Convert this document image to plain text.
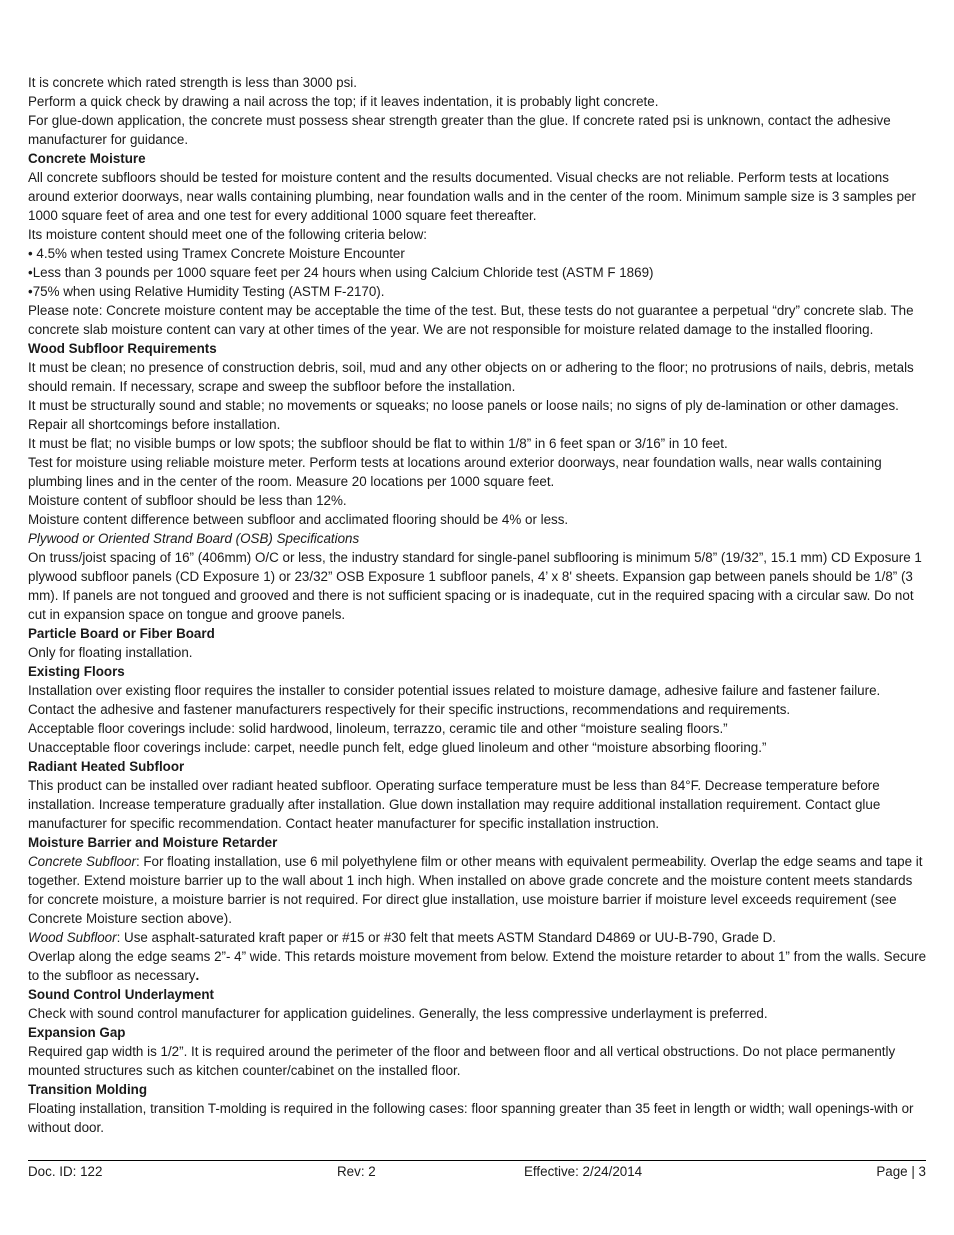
It is concrete which rated strength is less than 3000 psi.

Perform a quick check by drawing a nail across the top; if it leaves indentation, it is probably light concrete.

For glue-down application, the concrete must possess shear strength greater than the glue. If concrete rated psi is unknown, contact the adhesive manufacturer for guidance.

Concrete Moisture

All concrete subfloors should be tested for moisture content and the results documented. Visual checks are not reliable. Perform tests at locations around exterior doorways, near walls containing plumbing, near foundation walls and in the center of the room. Minimum sample size is 3 samples per 1000 square feet of area and one test for every additional 1000 square feet thereafter.

Its moisture content should meet one of the following criteria below:

• 4.5% when tested using Tramex Concrete Moisture Encounter

•Less than 3 pounds per 1000 square feet per 24 hours when using Calcium Chloride test (ASTM F 1869)

•75% when using Relative Humidity Testing (ASTM F-2170).

Please note: Concrete moisture content may be acceptable the time of the test. But, these tests do not guarantee a perpetual “dry” concrete slab. The concrete slab moisture content can vary at other times of the year. We are not responsible for moisture related damage to the installed flooring.

Wood Subfloor Requirements

It must be clean; no presence of construction debris, soil, mud and any other objects on or adhering to the floor; no protrusions of nails, debris, metals should remain. If necessary, scrape and sweep the subfloor before the installation.

It must be structurally sound and stable; no movements or squeaks; no loose panels or loose nails; no signs of ply de-lamination or other damages. Repair all shortcomings before installation.

It must be flat; no visible bumps or low spots; the subfloor should be flat to within 1/8” in 6 feet span or 3/16” in 10 feet.

Test for moisture using reliable moisture meter. Perform tests at locations around exterior doorways, near foundation walls, near walls containing plumbing lines and in the center of the room. Measure 20 locations per 1000 square feet.

Moisture content of subfloor should be less than 12%.

Moisture content difference between subfloor and acclimated flooring should be 4% or less.

Plywood or Oriented Strand Board (OSB) Specifications

On truss/joist spacing of 16” (406mm) O/C or less, the industry standard for single-panel subflooring is minimum 5/8” (19/32”, 15.1 mm) CD Exposure 1 plywood subfloor panels (CD Exposure 1) or 23/32” OSB Exposure 1 subfloor panels, 4’ x 8' sheets. Expansion gap between panels should be 1/8” (3 mm). If panels are not tongued and grooved and there is not sufficient spacing or is inadequate, cut in the required spacing with a circular saw. Do not cut in expansion space on tongue and groove panels.

Particle Board or Fiber Board

Only for floating installation.

Existing Floors

Installation over existing floor requires the installer to consider potential issues related to moisture damage, adhesive failure and fastener failure. Contact the adhesive and fastener manufacturers respectively for their specific instructions, recommendations and requirements.

Acceptable floor coverings include: solid hardwood, linoleum, terrazzo, ceramic tile and other “moisture sealing floors.”

Unacceptable floor coverings include: carpet, needle punch felt, edge glued linoleum and other “moisture absorbing flooring.”

Radiant Heated Subfloor

This product can be installed over radiant heated subfloor. Operating surface temperature must be less than 84°F. Decrease temperature before installation. Increase temperature gradually after installation. Glue down installation may require additional installation requirement. Contact glue manufacturer for specific recommendation. Contact heater manufacturer for specific installation instruction.

Moisture Barrier and Moisture Retarder

Concrete Subfloor: For floating installation, use 6 mil polyethylene film or other means with equivalent permeability. Overlap the edge seams and tape it together. Extend moisture barrier up to the wall about 1 inch high. When installed on above grade concrete and the moisture content meets standards for concrete moisture, a moisture barrier is not required. For direct glue installation, use moisture barrier if moisture level exceeds requirement (see Concrete Moisture section above).

Wood Subfloor: Use asphalt-saturated kraft paper or #15 or #30 felt that meets ASTM Standard D4869 or UU-B-790, Grade D.

Overlap along the edge seams 2”- 4” wide. This retards moisture movement from below. Extend the moisture retarder to about 1” from the walls. Secure to the subfloor as necessary.

Sound Control Underlayment

Check with sound control manufacturer for application guidelines. Generally, the less compressive underlayment is preferred.

Expansion Gap

Required gap width is 1/2”. It is required around the perimeter of the floor and between floor and all vertical obstructions. Do not place permanently mounted structures such as kitchen counter/cabinet on the installed floor.

Transition Molding

Floating installation, transition T-molding is required in the following cases: floor spanning greater than 35 feet in length or width; wall openings-with or without door.

Doc. ID: 122	Rev: 2	Effective: 2/24/2014	Page | 3
